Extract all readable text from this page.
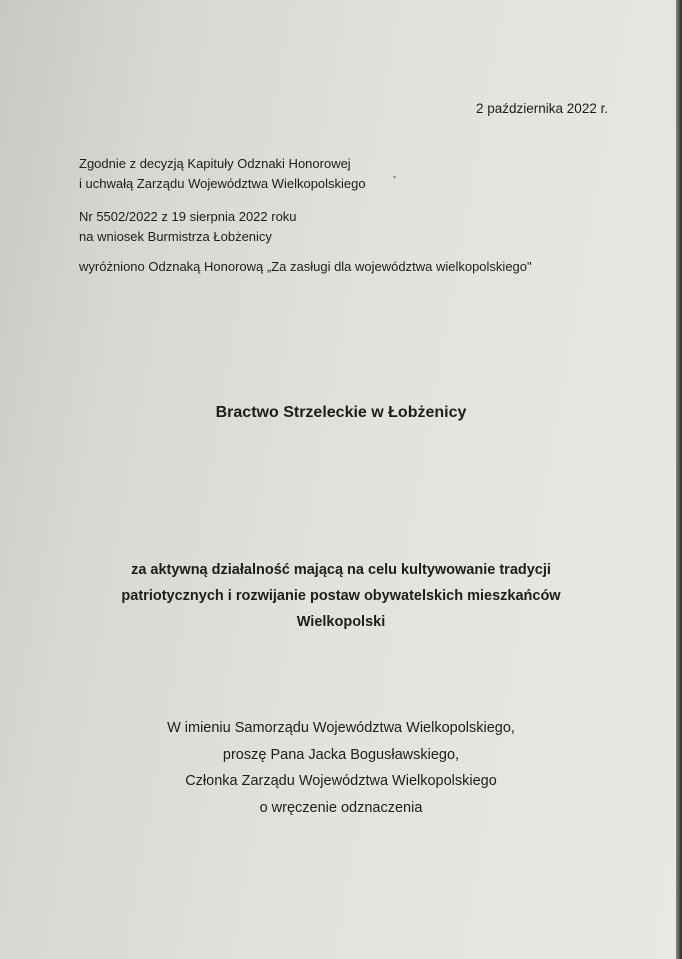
2 października 2022 r.

Zgodnie z decyzją Kapituły Odznaki Honorowej

i uchwałą Zarządu Województwa Wielkopolskiego

Nr 5502/2022 z 19 sierpnia 2022 roku

na wniosek Burmistrza Łobżenicy

wyróżniono Odznaką Honorową „Za zasługi dla województwa wielkopolskiego"

Bractwo Strzeleckie w Łobżenicy

za aktywną działalność mającą na celu kultywowanie tradycji

patriotycznych i rozwijanie postaw obywatelskich mieszkańców

Wielkopolski

W imieniu Samorządu Województwa Wielkopolskiego,

proszę Pana Jacka Bogusławskiego,

Członka Zarządu Województwa Wielkopolskiego

o wręczenie odznaczenia
